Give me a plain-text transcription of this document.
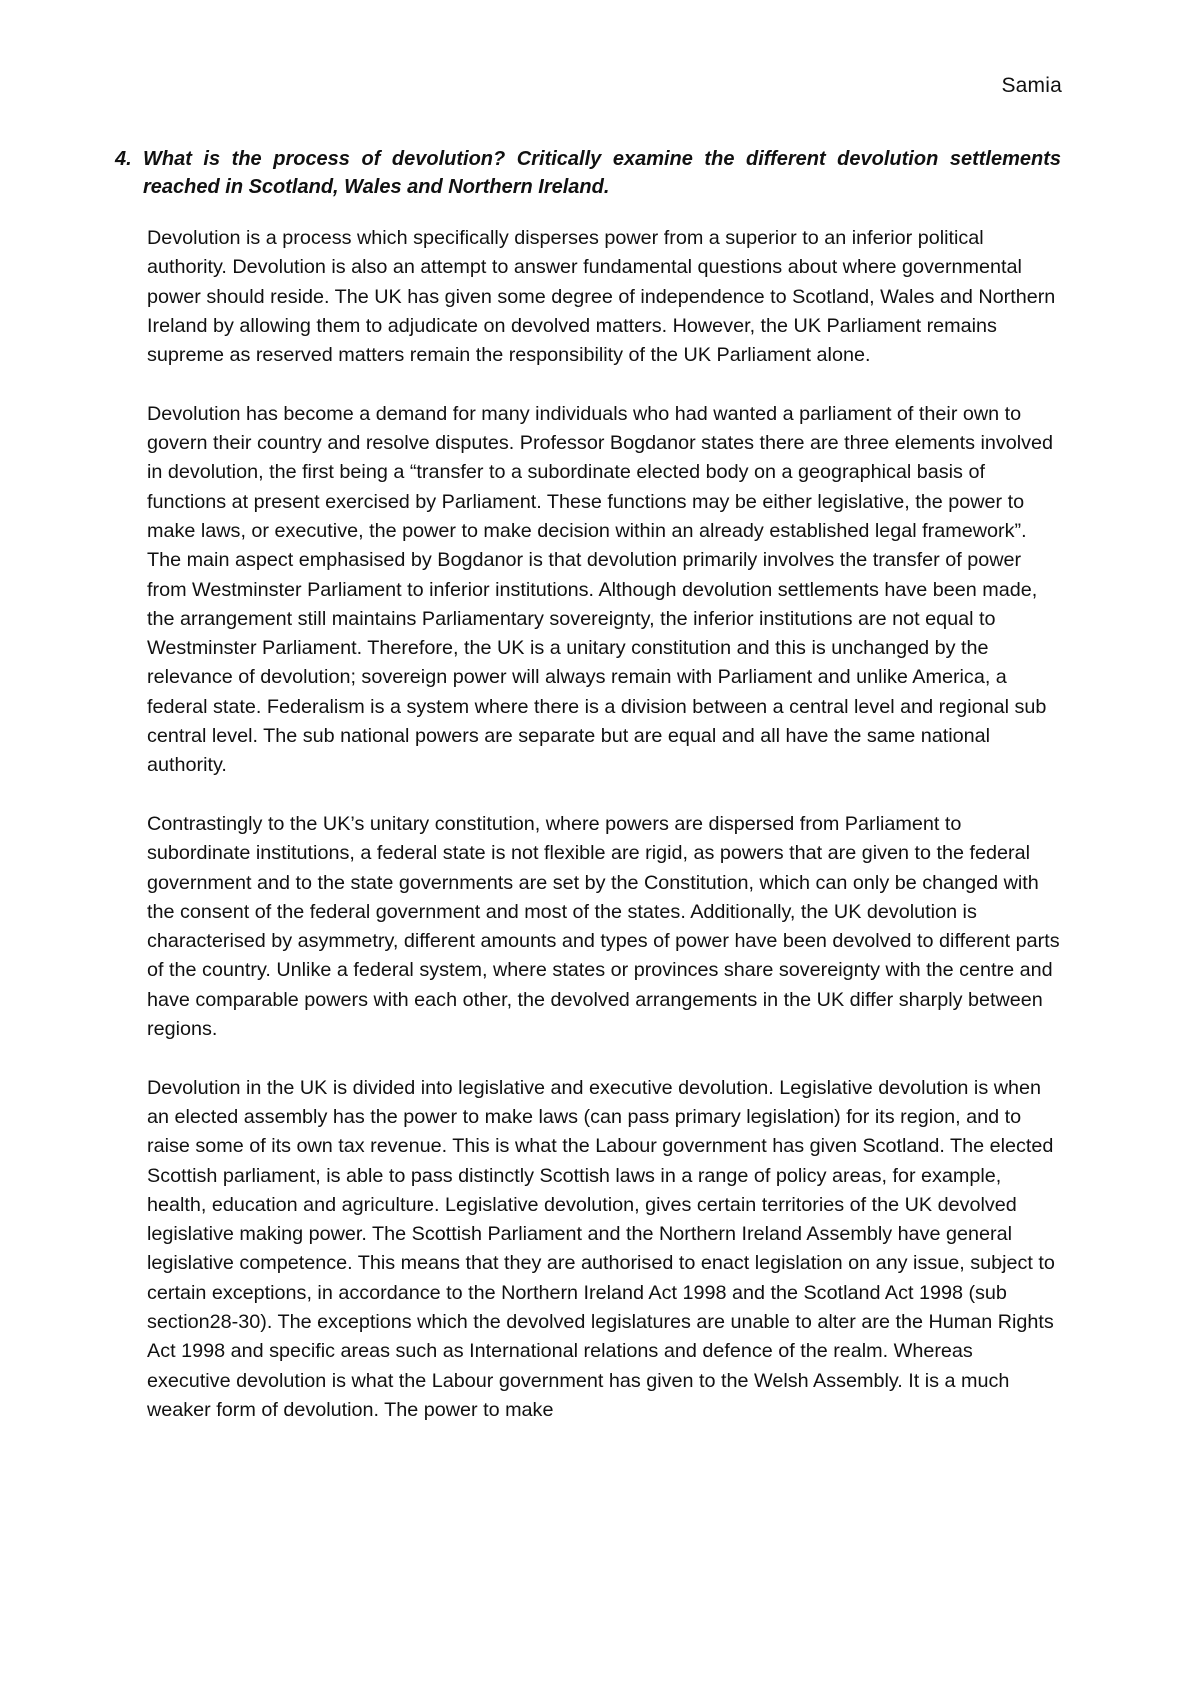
Samia
4. What is the process of devolution? Critically examine the different devolution settlements reached in Scotland, Wales and Northern Ireland.

Devolution is a process which specifically disperses power from a superior to an inferior political authority. Devolution is also an attempt to answer fundamental questions about where governmental power should reside. The UK has given some degree of independence to Scotland, Wales and Northern Ireland by allowing them to adjudicate on devolved matters. However, the UK Parliament remains supreme as reserved matters remain the responsibility of the UK Parliament alone.

Devolution has become a demand for many individuals who had wanted a parliament of their own to govern their country and resolve disputes. Professor Bogdanor states there are three elements involved in devolution, the first being a “transfer to a subordinate elected body on a geographical basis of functions at present exercised by Parliament. These functions may be either legislative, the power to make laws, or executive, the power to make decision within an already established legal framework”. The main aspect emphasised by Bogdanor is that devolution primarily involves the transfer of power from Westminster Parliament to inferior institutions. Although devolution settlements have been made, the arrangement still maintains Parliamentary sovereignty, the inferior institutions are not equal to Westminster Parliament. Therefore, the UK is a unitary constitution and this is unchanged by the relevance of devolution; sovereign power will always remain with Parliament and unlike America, a federal state. Federalism is a system where there is a division between a central level and regional sub central level. The sub national powers are separate but are equal and all have the same national authority.

Contrastingly to the UK’s unitary constitution, where powers are dispersed from Parliament to subordinate institutions, a federal state is not flexible are rigid, as powers that are given to the federal government and to the state governments are set by the Constitution, which can only be changed with the consent of the federal government and most of the states. Additionally, the UK devolution is characterised by asymmetry, different amounts and types of power have been devolved to different parts of the country. Unlike a federal system, where states or provinces share sovereignty with the centre and have comparable powers with each other, the devolved arrangements in the UK differ sharply between regions.

Devolution in the UK is divided into legislative and executive devolution. Legislative devolution is when an elected assembly has the power to make laws (can pass primary legislation) for its region, and to raise some of its own tax revenue. This is what the Labour government has given Scotland. The elected Scottish parliament, is able to pass distinctly Scottish laws in a range of policy areas, for example, health, education and agriculture. Legislative devolution, gives certain territories of the UK devolved legislative making power. The Scottish Parliament and the Northern Ireland Assembly have general legislative competence. This means that they are authorised to enact legislation on any issue, subject to certain exceptions, in accordance to the Northern Ireland Act 1998 and the Scotland Act 1998 (sub section28-30). The exceptions which the devolved legislatures are unable to alter are the Human Rights Act 1998 and specific areas such as International relations and defence of the realm. Whereas executive devolution is what the Labour government has given to the Welsh Assembly. It is a much weaker form of devolution. The power to make
